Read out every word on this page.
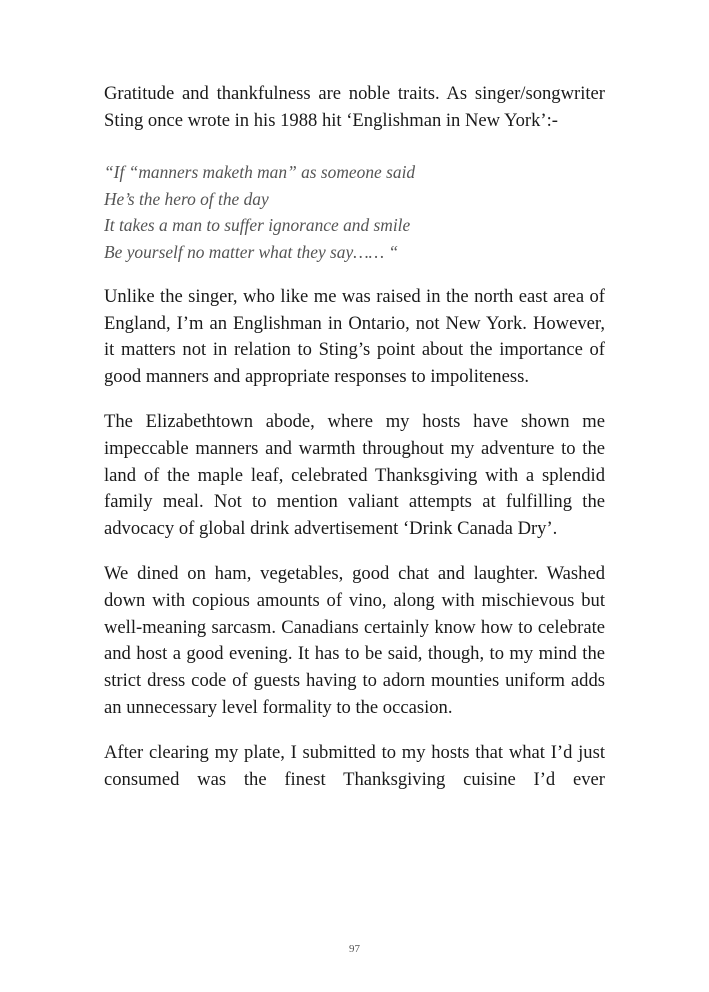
Gratitude and thankfulness are noble traits. As singer/songwriter Sting once wrote in his 1988 hit ‘Englishman in New York’:-

“If “manners maketh man” as someone said
He’s the hero of the day
It takes a man to suffer ignorance and smile
Be yourself no matter what they say…… “

Unlike the singer, who like me was raised in the north east area of England, I’m an Englishman in Ontario, not New York. However, it matters not in relation to Sting’s point about the importance of good manners and appropriate responses to impoliteness.

The Elizabethtown abode, where my hosts have shown me impeccable manners and warmth throughout my adventure to the land of the maple leaf, celebrated Thanksgiving with a splendid family meal. Not to mention valiant attempts at fulfilling the advocacy of global drink advertisement ‘Drink Canada Dry’.

We dined on ham, vegetables, good chat and laughter. Washed down with copious amounts of vino, along with mischievous but well-meaning sarcasm. Canadians certainly know how to celebrate and host a good evening. It has to be said, though, to my mind the strict dress code of guests having to adorn mounties uniform adds an unnecessary level formality to the occasion.

After clearing my plate, I submitted to my hosts that what I’d just consumed was the finest Thanksgiving cuisine I’d ever

97
